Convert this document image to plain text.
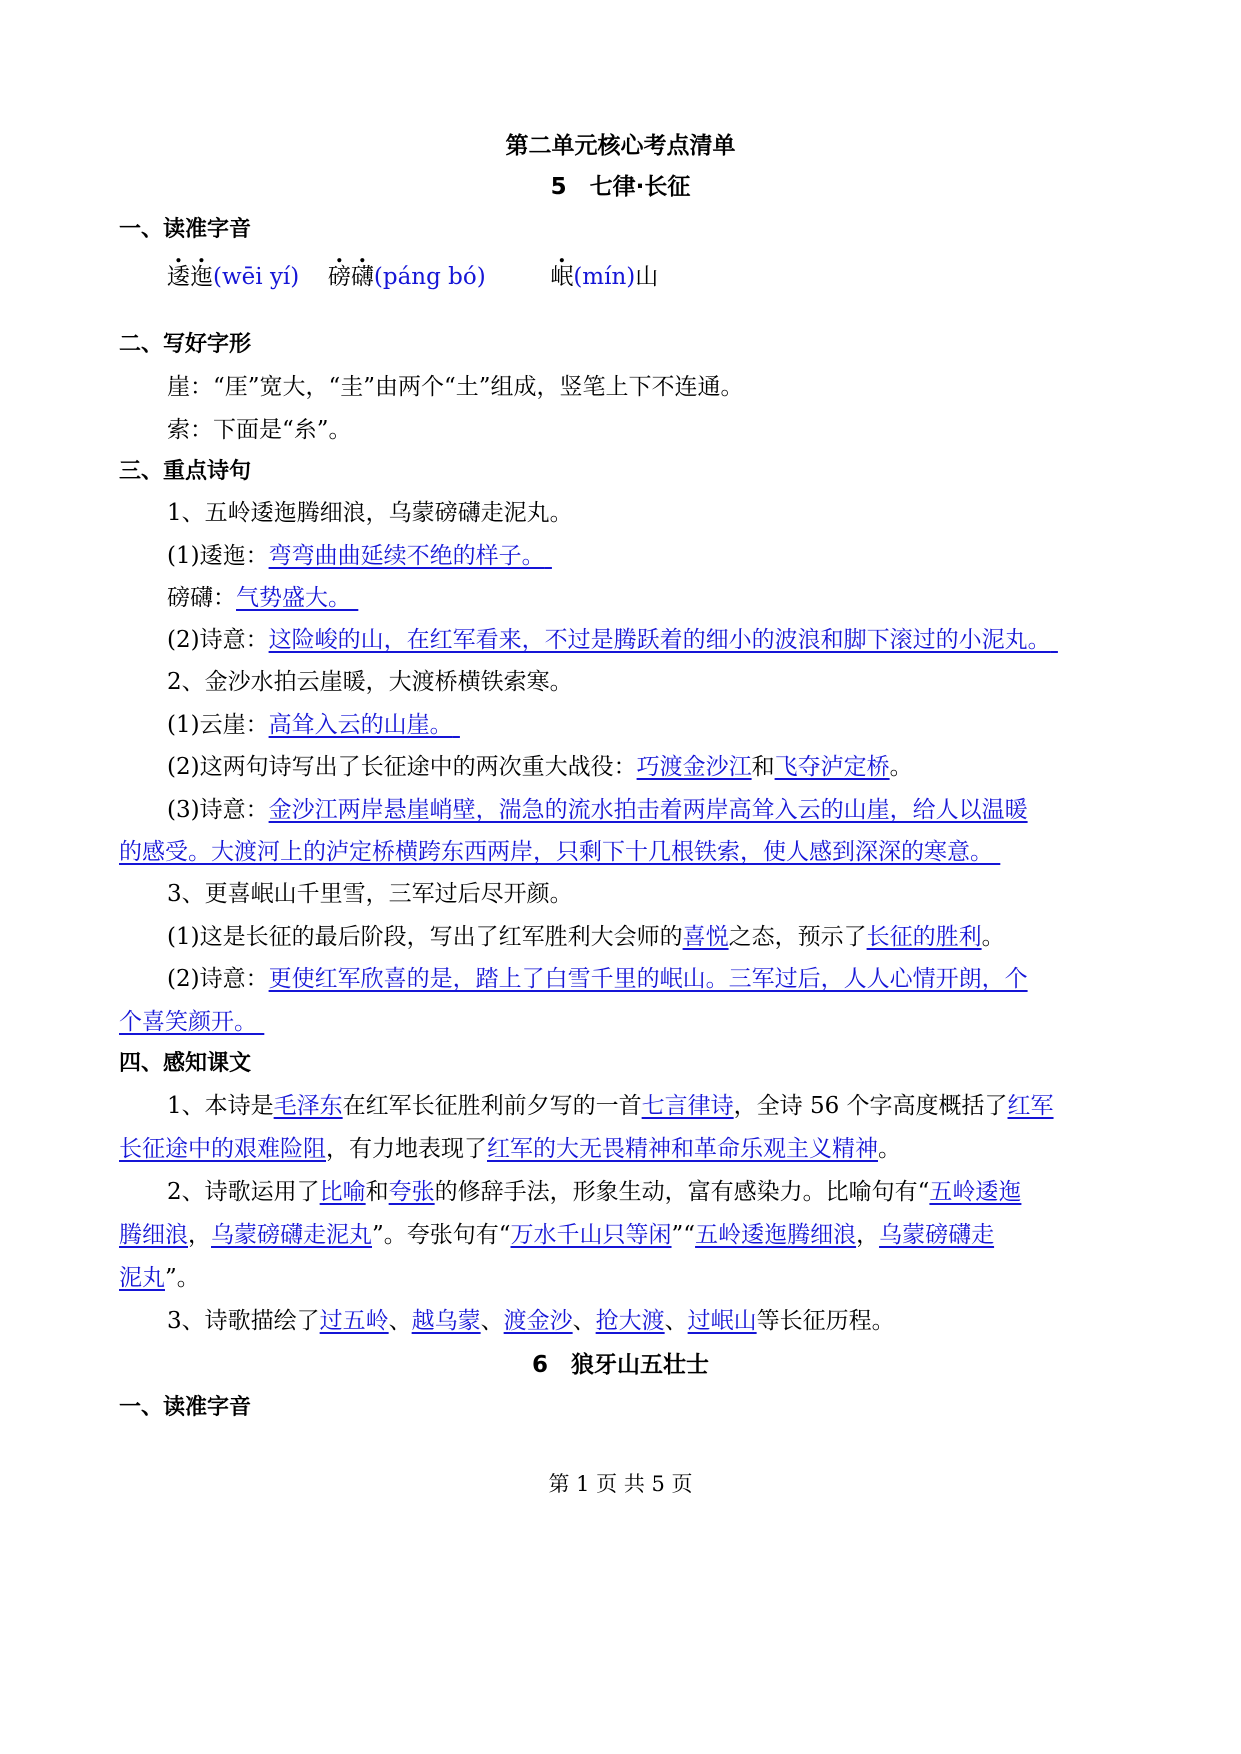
第二单元核心考点清单
5　七律·长征
一、读准字音
逶迤(wēi yí) 磅礴(páng bó)	岷(mín)山
二、写好字形
崖：“厓”宽大，“圭”由两个“土”组成，竖笔上下不连通。
索：下面是“糸”。
三、重点诗句
1、五岭逶迤腾细浪，乌蒙磅礴走泥丸。
(1)逶迤：弯弯曲曲延续不绝的样子。
磅礴：气势盛大。
(2)诗意：这险峻的山，在红军看来，不过是腾跃着的细小的波浪和脚下滚过的小泥丸。
2、金沙水拍云崖暖，大渡桥横铁索寒。
(1)云崖：高耸入云的山崖。
(2)这两句诗写出了长征途中的两次重大战役：巧渡金沙江和飞夺泸定桥。
(3)诗意：金沙江两岸悬崖峭壁，湍急的流水拍击着两岸高耸入云的山崖，给人以温暖
的感受。大渡河上的泸定桥横跨东西两岸，只剩下十几根铁索，使人感到深深的寒意。
3、更喜岷山千里雪，三军过后尽开颜。
(1)这是长征的最后阶段，写出了红军胜利大会师的喜悦之态，预示了长征的胜利。
(2)诗意：更使红军欣喜的是，踏上了白雪千里的岷山。三军过后，人人心情开朗，个
个喜笑颜开。
四、感知课文
1、本诗是毛泽东在红军长征胜利前夕写的一首七言律诗，全诗 56 个字高度概括了红军
长征途中的艰难险阻，有力地表现了红军的大无畏精神和革命乐观主义精神。
2、诗歌运用了比喻和夸张的修辞手法，形象生动，富有感染力。比喻句有“五岭逶迤
腾细浪，乌蒙磅礴走泥丸”。夸张句有“万水千山只等闲”“五岭逶迤腾细浪，乌蒙磅礴走
泥丸”。
3、诗歌描绘了过五岭、越乌蒙、渡金沙、抢大渡、过岷山等长征历程。
6　狼牙山五壮士
一、读准字音
第 1 页 共 5 页
